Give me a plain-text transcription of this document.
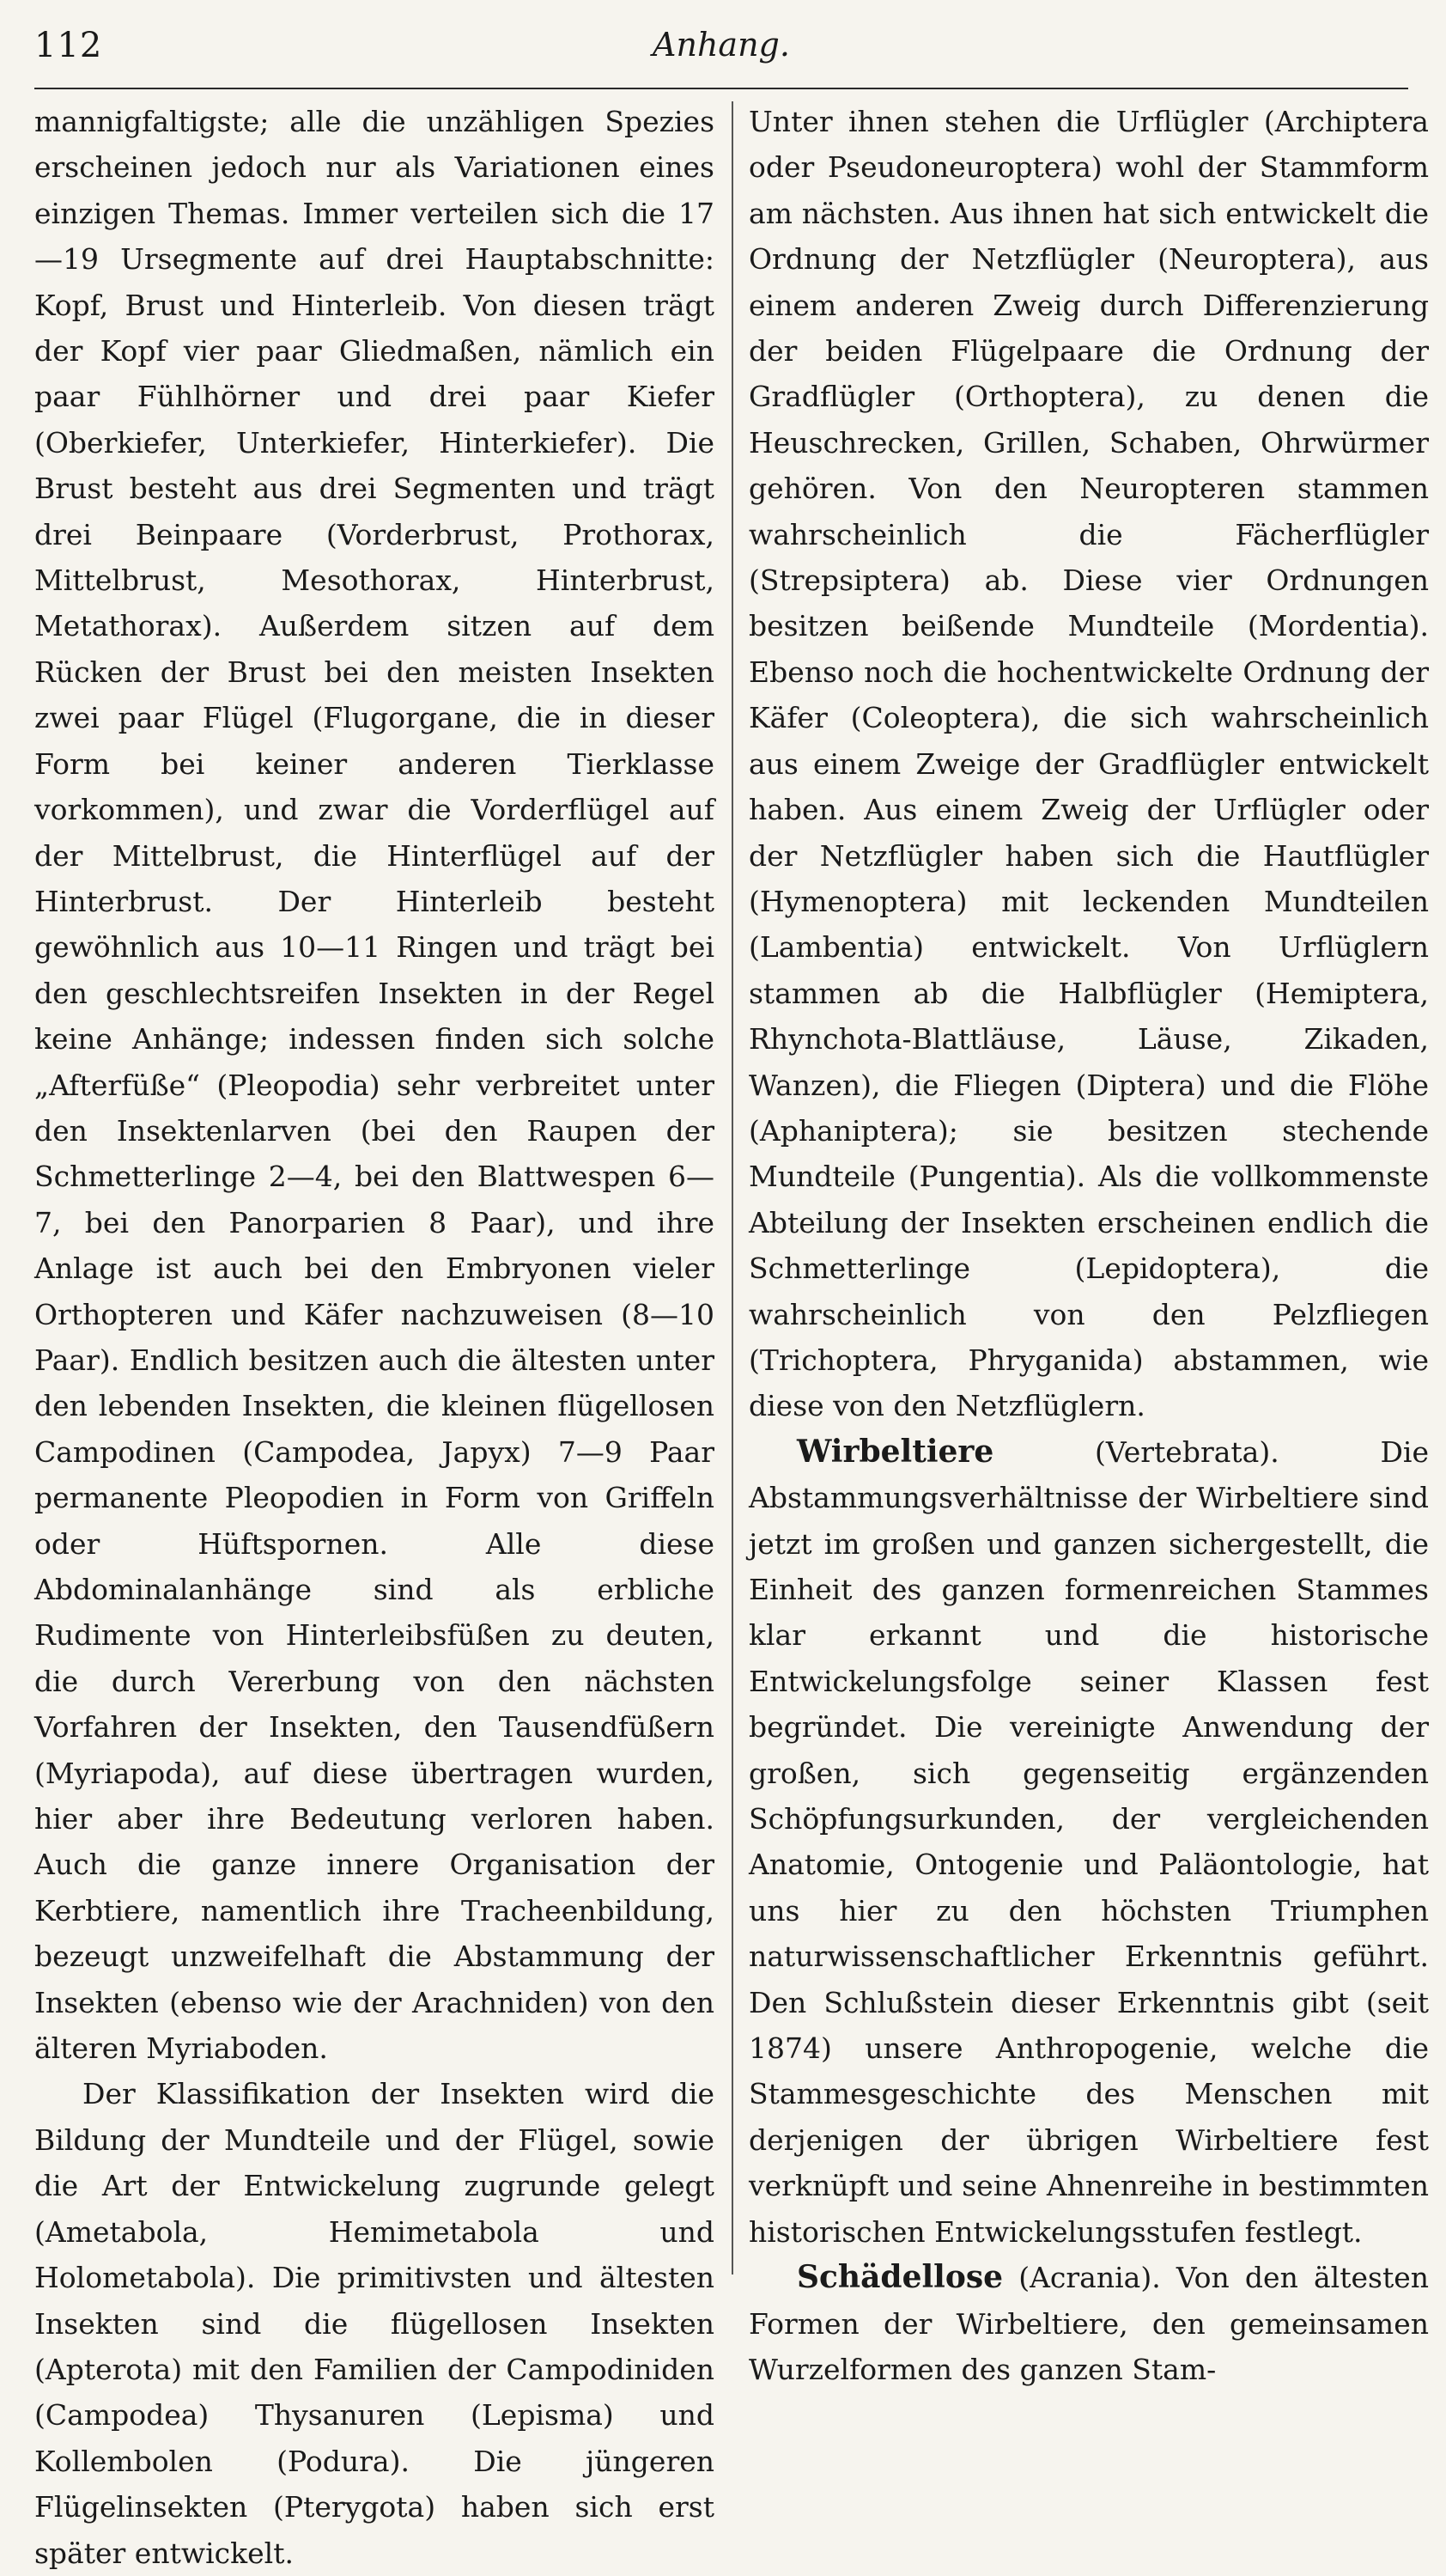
112	Anhang.

mannigfaltigste; alle die unzähligen Spezies erscheinen jedoch nur als Variationen eines einzigen Themas. Immer verteilen sich die 17—19 Ursegmente auf drei Hauptabschnitte: Kopf, Brust und Hinterleib. Von diesen trägt der Kopf vier paar Gliedmaßen, nämlich ein paar Fühlhörner und drei paar Kiefer (Oberkiefer, Unterkiefer, Hinterkiefer). Die Brust besteht aus drei Segmenten und trägt drei Beinpaare (Vorderbrust, Prothorax, Mittelbrust, Mesothorax, Hinterbrust, Metathorax). Außerdem sitzen auf dem Rücken der Brust bei den meisten Insekten zwei paar Flügel (Flugorgane, die in dieser Form bei keiner anderen Tierklasse vorkommen), und zwar die Vorderflügel auf der Mittelbrust, die Hinterflügel auf der Hinterbrust. Der Hinterleib besteht gewöhnlich aus 10—11 Ringen und trägt bei den geschlechtsreifen Insekten in der Regel keine Anhänge; indessen finden sich solche „Afterfüße“ (Pleopodia) sehr verbreitet unter den Insektenlarven (bei den Raupen der Schmetterlinge 2—4, bei den Blattwespen 6—7, bei den Panorparien 8 Paar), und ihre Anlage ist auch bei den Embryonen vieler Orthopteren und Käfer nachzuweisen (8—10 Paar). Endlich besitzen auch die ältesten unter den lebenden Insekten, die kleinen flügellosen Campodinen (Campodea, Japyx) 7—9 Paar permanente Pleopodien in Form von Griffeln oder Hüftspornen. Alle diese Abdominalanhänge sind als erbliche Rudimente von Hinterleibsfüßen zu deuten, die durch Vererbung von den nächsten Vorfahren der Insekten, den Tausendfüßern (Myriapoda), auf diese übertragen wurden, hier aber ihre Bedeutung verloren haben. Auch die ganze innere Organisation der Kerbtiere, namentlich ihre Tracheenbildung, bezeugt unzweifelhaft die Abstammung der Insekten (ebenso wie der Arachniden) von den älteren Myriaboden.

Der Klassifikation der Insekten wird die Bildung der Mundteile und der Flügel, sowie die Art der Entwickelung zugrunde gelegt (Ametabola, Hemimetabola und Holometabola). Die primitivsten und ältesten Insekten sind die flügellosen Insekten (Apterota) mit den Familien der Campodiniden (Campodea) Thysanuren (Lepisma) und Kollembolen (Podura). Die jüngeren Flügelinsekten (Pterygota) haben sich erst später entwickelt.

Unter ihnen stehen die Urflügler (Archiptera oder Pseudoneuroptera) wohl der Stammform am nächsten. Aus ihnen hat sich entwickelt die Ordnung der Netzflügler (Neuroptera), aus einem anderen Zweig durch Differenzierung der beiden Flügelpaare die Ordnung der Gradflügler (Orthoptera), zu denen die Heuschrecken, Grillen, Schaben, Ohrwürmer gehören. Von den Neuropteren stammen wahrscheinlich die Fächerflügler (Strepsiptera) ab. Diese vier Ordnungen besitzen beißende Mundteile (Mordentia). Ebenso noch die hochentwickelte Ordnung der Käfer (Coleoptera), die sich wahrscheinlich aus einem Zweige der Gradflügler entwickelt haben. Aus einem Zweig der Urflügler oder der Netzflügler haben sich die Hautflügler (Hymenoptera) mit leckenden Mundteilen (Lambentia) entwickelt. Von Urflüglern stammen ab die Halbflügler (Hemiptera, Rhynchota-Blattläuse, Läuse, Zikaden, Wanzen), die Fliegen (Diptera) und die Flöhe (Aphaniptera); sie besitzen stechende Mundteile (Pungentia). Als die vollkommenste Abteilung der Insekten erscheinen endlich die Schmetterlinge (Lepidoptera), die wahrscheinlich von den Pelzfliegen (Trichoptera, Phryganida) abstammen, wie diese von den Netzflüglern.

Wirbeltiere	(Vertebrata). Die Abstammungsverhältnisse der Wirbeltiere sind jetzt im großen und ganzen sichergestellt, die Einheit des ganzen formenreichen Stammes klar erkannt und die historische Entwickelungsfolge seiner Klassen fest begründet. Die vereinigte Anwendung der großen, sich gegenseitig ergänzenden Schöpfungsurkunden, der vergleichenden Anatomie, Ontogenie und Paläontologie, hat uns hier zu den höchsten Triumphen naturwissenschaftlicher Erkenntnis geführt. Den Schlußstein dieser Erkenntnis gibt (seit 1874) unsere Anthropogenie, welche die Stammesgeschichte des Menschen mit derjenigen der übrigen Wirbeltiere fest verknüpft und seine Ahnenreihe in bestimmten historischen Entwickelungsstufen festlegt.

Schädellose (Acrania). Von den ältesten Formen der Wirbeltiere, den gemeinsamen Wurzelformen des ganzen Stam-
